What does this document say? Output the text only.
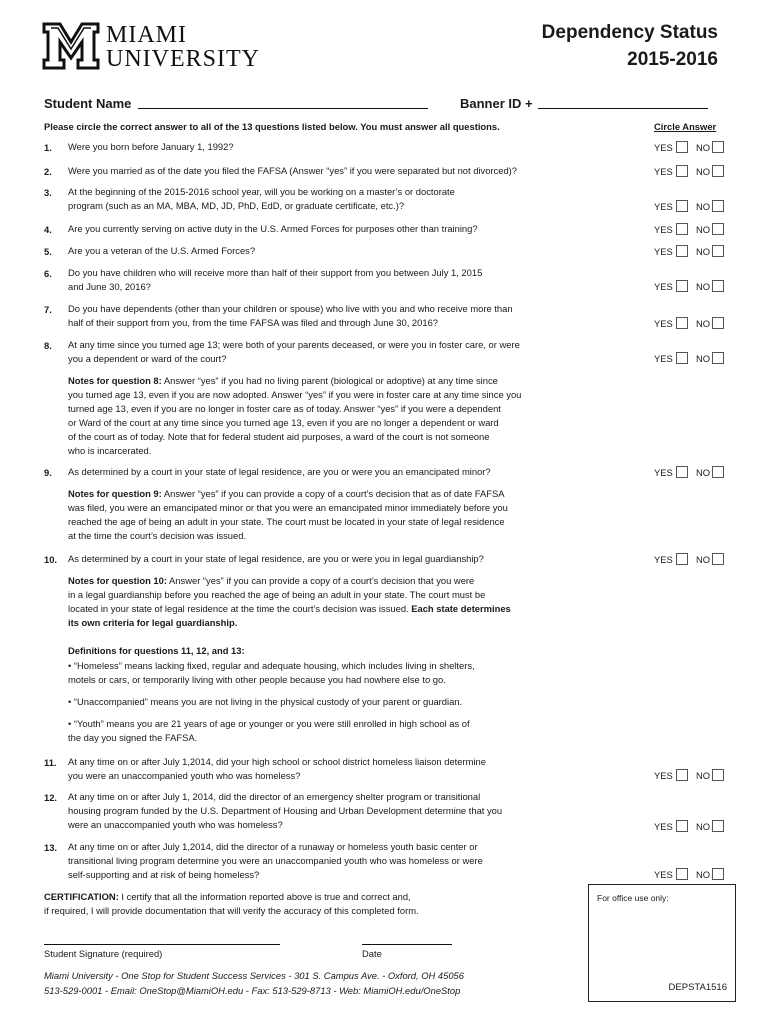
MIAMI
UNIVERSITY
Dependency Status
2015-2016
Student Name	Banner ID +
Please circle the correct answer to all of the 13 questions listed below. You must answer all questions.	Circle Answer
1. Were you born before January 1, 1992?	YES NO
2. Were you married as of the date you filed the FAFSA (Answer “yes” if you were separated but not divorced)?	YES NO
3. At the beginning of the 2015-2016 school year, will you be working on a master’s or doctorate
program (such as an MA, MBA, MD, JD, PhD, EdD, or graduate certificate, etc.)?	YES NO
4. Are you currently serving on active duty in the U.S. Armed Forces for purposes other than training?	YES NO
5. Are you a veteran of the U.S. Armed Forces?	YES NO
6. Do you have children who will receive more than half of their support from you between July 1, 2015
and June 30, 2016?	YES NO
7. Do you have dependents (other than your children or spouse) who live with you and who receive more than
half of their support from you, from the time FAFSA was filed and through June 30, 2016?	YES NO
8. At any time since you turned age 13; were both of your parents deceased, or were you in foster care, or were
you a dependent or ward of the court?	YES NO
Notes for question 8: Answer “yes” if you had no living parent (biological or adoptive) at any time since
you turned age 13, even if you are now adopted. Answer “yes” if you were in foster care at any time since you
turned age 13, even if you are no longer in foster care as of today. Answer “yes” if you were a dependent
or Ward of the court at any time since you turned age 13, even if you are no longer a dependent or ward
of the court as of today. Note that for federal student aid purposes, a ward of the court is not someone
who is incarcerated.
9. As determined by a court in your state of legal residence, are you or were you an emancipated minor?	YES NO
Notes for question 9: Answer “yes” if you can provide a copy of a court’s decision that as of date FAFSA
was filed, you were an emancipated minor or that you were an emancipated minor immediately before you
reached the age of being an adult in your state. The court must be located in your state of legal residence
at the time the court’s decision was issued.
10. As determined by a court in your state of legal residence, are you or were you in legal guardianship?	YES NO
Notes for question 10: Answer “yes” if you can provide a copy of a court’s decision that you were
in a legal guardianship before you reached the age of being an adult in your state. The court must be
located in your state of legal residence at the time the court’s decision was issued. Each state determines
its own criteria for legal guardianship.
Definitions for questions 11, 12, and 13:
• “Homeless” means lacking fixed, regular and adequate housing, which includes living in shelters,
motels or cars, or temporarily living with other people because you had nowhere else to go.
• “Unaccompanied” means you are not living in the physical custody of your parent or guardian.
• “Youth” means you are 21 years of age or younger or you were still enrolled in high school as of
the day you signed the FAFSA.
11. At any time on or after July 1,2014, did your high school or school district homeless liaison determine
you were an unaccompanied youth who was homeless?	YES NO
12. At any time on or after July 1, 2014, did the director of an emergency shelter program or transitional
housing program funded by the U.S. Department of Housing and Urban Development determine that you
were an unaccompanied youth who was homeless?	YES NO
13. At any time on or after July 1,2014, did the director of a runaway or homeless youth basic center or
transitional living program determine you were an unaccompanied youth who was homeless or were
self-supporting and at risk of being homeless?	YES NO
CERTIFICATION: I certify that all the information reported above is true and correct and,
if required, I will provide documentation that will verify the accuracy of this completed form.
For office use only:
DEPSTA1516
Student Signature (required)	Date
Miami University - One Stop for Student Success Services - 301 S. Campus Ave. - Oxford, OH 45056
513-529-0001 - Email: OneStop@MiamiOH.edu - Fax: 513-529-8713 - Web: MiamiOH.edu/OneStop
